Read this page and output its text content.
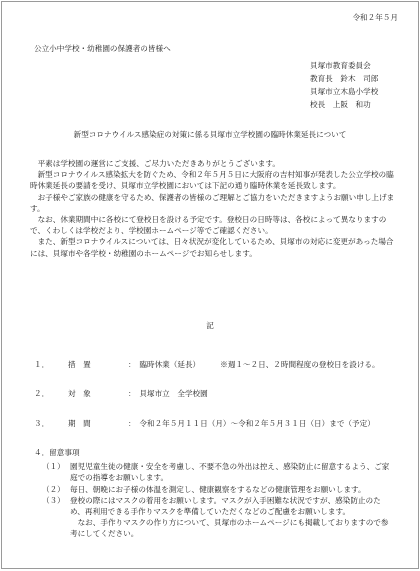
令和２年５月
公立小中学校・幼稚園の保護者の皆様へ
貝塚市教育委員会
教育長　鈴木　司郎
貝塚市立木島小学校
校長　上阪　和功
新型コロナウイルス感染症の対策に係る貝塚市立学校園の臨時休業延長について

平素は学校園の運営にご支援、ご尽力いただきありがとうございます。

新型コロナウイルス感染拡大を防ぐため、令和２年５月５日に大阪府の吉村知事が発表した公立学校の臨時休業延長の要請を受け、貝塚市立学校園においては下記の通り臨時休業を延長致します。

お子様やご家族の健康を守るため、保護者の皆様のご理解とご協力をいただきますようお願い申し上げます。

なお、休業期間中に各校にて登校日を設ける予定です。登校日の日時等は、各校によって異なりますので、くわしくは学校だより、学校園ホームページ等でご確認ください。

また、新型コロナウイルスについては、日々状況が変化しているため、貝塚市の対応に変更があった場合には、貝塚市や各学校・幼稚園のホームページでお知らせします。

記
１． 措　置	：　臨時休業（延長）	※週１～２日、２時間程度の登校日を設ける。
２． 対　象	：　貝塚市立　全学校園
３． 期　間	：　令和２年５月１１日（月）～令和２年５月３１日（日）まで（予定）
４．留意事項
（１） 園児児童生徒の健康・安全を考慮し、不要不急の外出は控え、感染防止に留意するよう、ご家庭での指導をお願いします。
（２） 毎日、朝晩にお子様の体温を測定し、健康観察をするなどの健康管理をお願いします。
（３） 登校の際にはマスクの着用をお願いします。マスクが入手困難な状況ですが、感染防止のため、再利用できる手作りマスクを準備していただくなどのご配慮をお願いします。
なお、手作りマスクの作り方について、貝塚市のホームページにも掲載しておりますので参考にしてください。
